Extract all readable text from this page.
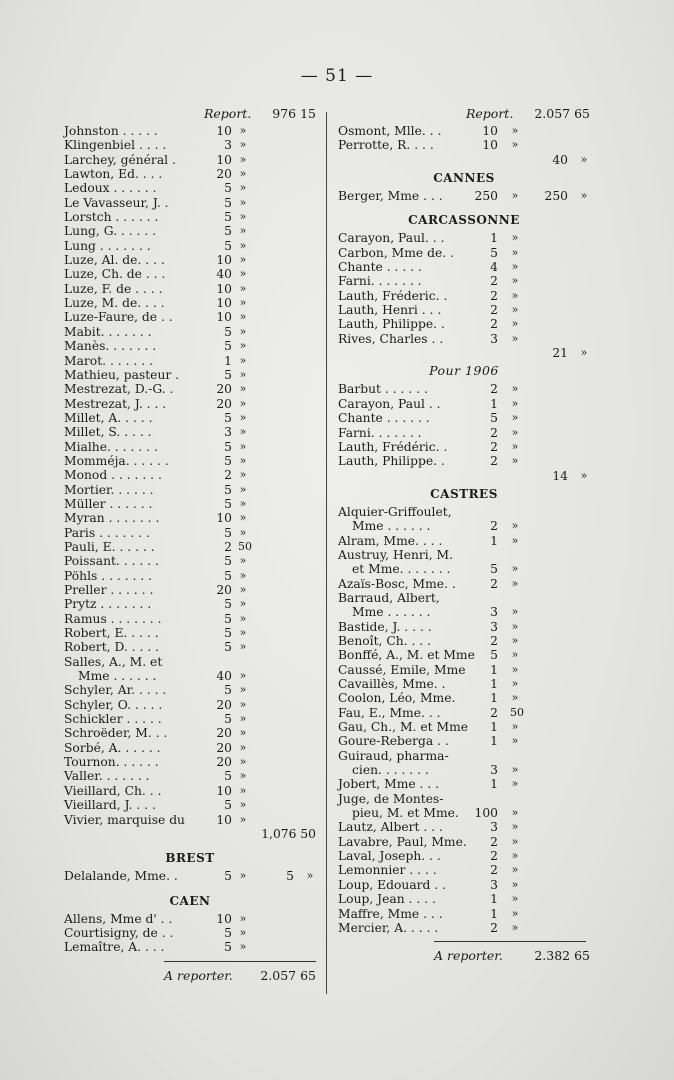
— 51 —
Report. 976 15
Johnston . . . . .	10 »
Klingenbiel . . . .	3 »
Larchey, général .	10 »
Lawton, Ed. . . .	20 »
Ledoux . . . . . .	5 »
Le Vavasseur, J. .	5 »
Lorstch . . . . . .	5 »
Lung, G. . . . . .	5 »
Lung . . . . . . .	5 »
Luze, Al. de. . . .	10 »
Luze, Ch. de . . .	40 »
Luze, F. de . . . .	10 »
Luze, M. de. . . .	10 »
Luze-Faure, de . .	10 »
Mabit. . . . . . .	5 »
Manès. . . . . . .	5 »
Marot. . . . . . .	1 »
Mathieu, pasteur .	5 »
Mestrezat, D.-G. .	20 »
Mestrezat, J. . . .	20 »
Millet, A. . . . .	5 »
Millet, S. . . . .	3 »
Mialhe. . . . . . .	5 »
Momméja. . . . . .	5 »
Monod . . . . . . .	2 »
Mortier. . . . . .	5 »
Müller . . . . . .	5 »
Myran . . . . . . .	10 »
Paris . . . . . . .	5 »
Pauli, E. . . . . .	2 50
Poissant. . . . . .	5 »
Pöhls . . . . . . .	5 »
Preller . . . . . .	20 »
Prytz . . . . . . .	5 »
Ramus . . . . . . .	5 »
Robert, E. . . . .	5 »
Robert, D. . . . .	5 »
Salles, A., M. et
Mme . . . . . .	40 »
Schyler, Ar. . . . .	5 »
Schyler, O. . . . .	20 »
Schickler . . . . .	5 »
Schroëder, M. . .	20 »
Sorbé, A. . . . . .	20 »
Tournon. . . . . .	20 »
Valler. . . . . . .	5 »
Vieillard, Ch. . .	10 »
Vieillard, J. . . .	5 »
Vivier, marquise du	10 »
1,076 50
BREST
Delalande, Mme. .	5 »	5 »
CAEN
Allens, Mme d' . .	10 »
Courtisigny, de . .	5 »
Lemaître, A. . . .	5 »
A reporter. 2.057 65
Report. 2.057 65
Osmont, Mlle. . .	10 »
Perrotte, R. . . .	10 »
40 »
CANNES
Berger, Mme . . .	250 » 250 »
CARCASSONNE
Carayon, Paul. . .	1 »
Carbon, Mme de. .	5 »
Chante . . . . .	4 »
Farni. . . . . . .	2 »
Lauth, Fréderic. .	2 »
Lauth, Henri . . .	2 »
Lauth, Philippe. .	2 »
Rives, Charles . .	3 »
21 »
Pour 1906
Barbut . . . . . .	2 »
Carayon, Paul . .	1 »
Chante . . . . . .	5 »
Farni. . . . . . .	2 »
Lauth, Frédéric. .	2 »
Lauth, Philippe. .	2 »
14 »
CASTRES
Alquier-Griffoulet,
Mme . . . . . .	2 »
Alram, Mme. . . .	1 »
Austruy, Henri, M.
et Mme. . . . . . .	5 »
Azaïs-Bosc, Mme. .	2 »
Barraud, Albert,
Mme . . . . . .	3 »
Bastide, J. . . . .	3 »
Benoît, Ch. . . .	2 »
Bonffé, A., M. et Mme	5 »
Caussé, Emile, Mme	1 »
Cavaillès, Mme. .	1 »
Coolon, Léo, Mme.	1 »
Fau, E., Mme. . .	2 50
Gau, Ch., M. et Mme	1 »
Goure-Reberga . .	1 »
Guiraud, pharma-
cien. . . . . . .	3 »
Jobert, Mme . . .	1 »
Juge, de Montes-
pieu, M. et Mme.	100 »
Lautz, Albert . . .	3 »
Lavabre, Paul, Mme.	2 »
Laval, Joseph. . .	2 »
Lemonnier . . . .	2 »
Loup, Edouard . .	3 »
Loup, Jean . . . .	1 »
Maffre, Mme . . .	1 »
Mercier, A. . . . .	2 »
A reporter.	2.382 65
